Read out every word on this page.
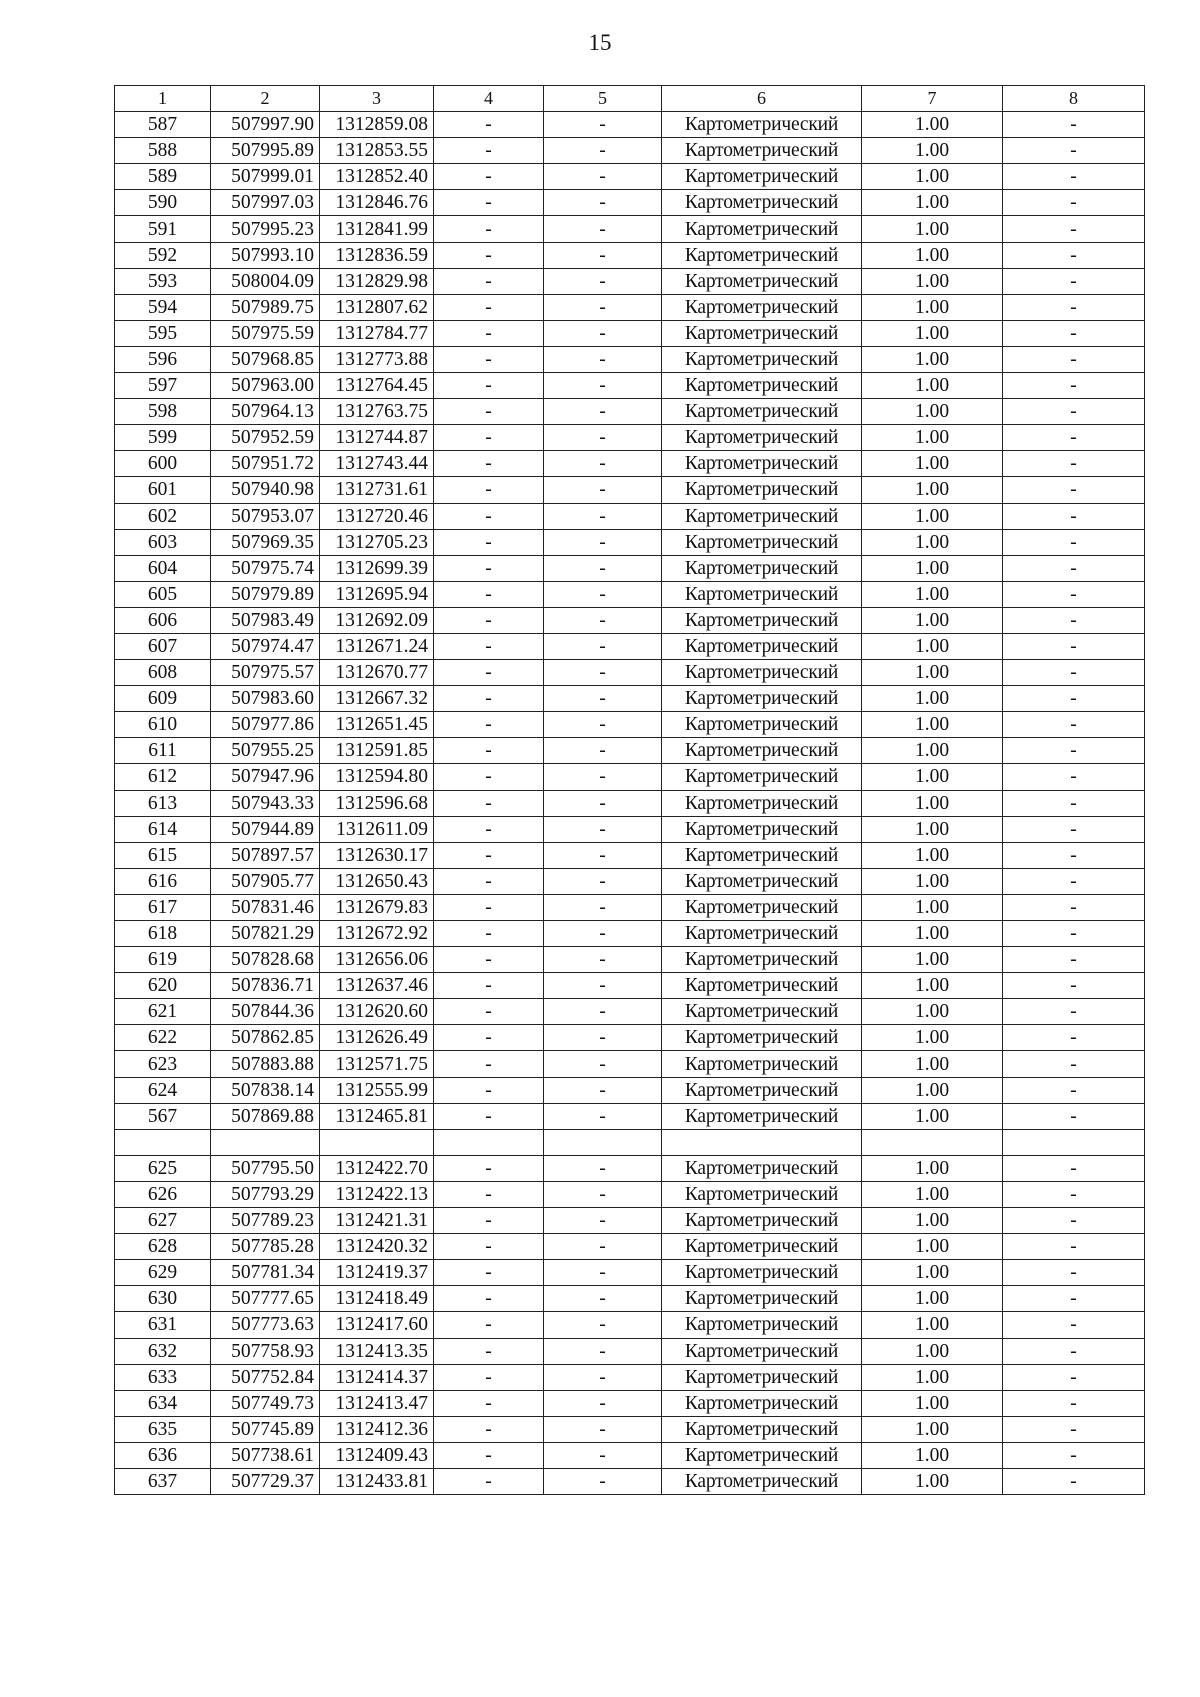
15
1	2	3	4	5	6	7	8
587	507997.90	1312859.08	-	-	Картометрический	1.00	-
588	507995.89	1312853.55	-	-	Картометрический	1.00	-
589	507999.01	1312852.40	-	-	Картометрический	1.00	-
590	507997.03	1312846.76	-	-	Картометрический	1.00	-
591	507995.23	1312841.99	-	-	Картометрический	1.00	-
592	507993.10	1312836.59	-	-	Картометрический	1.00	-
593	508004.09	1312829.98	-	-	Картометрический	1.00	-
594	507989.75	1312807.62	-	-	Картометрический	1.00	-
595	507975.59	1312784.77	-	-	Картометрический	1.00	-
596	507968.85	1312773.88	-	-	Картометрический	1.00	-
597	507963.00	1312764.45	-	-	Картометрический	1.00	-
598	507964.13	1312763.75	-	-	Картометрический	1.00	-
599	507952.59	1312744.87	-	-	Картометрический	1.00	-
600	507951.72	1312743.44	-	-	Картометрический	1.00	-
601	507940.98	1312731.61	-	-	Картометрический	1.00	-
602	507953.07	1312720.46	-	-	Картометрический	1.00	-
603	507969.35	1312705.23	-	-	Картометрический	1.00	-
604	507975.74	1312699.39	-	-	Картометрический	1.00	-
605	507979.89	1312695.94	-	-	Картометрический	1.00	-
606	507983.49	1312692.09	-	-	Картометрический	1.00	-
607	507974.47	1312671.24	-	-	Картометрический	1.00	-
608	507975.57	1312670.77	-	-	Картометрический	1.00	-
609	507983.60	1312667.32	-	-	Картометрический	1.00	-
610	507977.86	1312651.45	-	-	Картометрический	1.00	-
611	507955.25	1312591.85	-	-	Картометрический	1.00	-
612	507947.96	1312594.80	-	-	Картометрический	1.00	-
613	507943.33	1312596.68	-	-	Картометрический	1.00	-
614	507944.89	1312611.09	-	-	Картометрический	1.00	-
615	507897.57	1312630.17	-	-	Картометрический	1.00	-
616	507905.77	1312650.43	-	-	Картометрический	1.00	-
617	507831.46	1312679.83	-	-	Картометрический	1.00	-
618	507821.29	1312672.92	-	-	Картометрический	1.00	-
619	507828.68	1312656.06	-	-	Картометрический	1.00	-
620	507836.71	1312637.46	-	-	Картометрический	1.00	-
621	507844.36	1312620.60	-	-	Картометрический	1.00	-
622	507862.85	1312626.49	-	-	Картометрический	1.00	-
623	507883.88	1312571.75	-	-	Картометрический	1.00	-
624	507838.14	1312555.99	-	-	Картометрический	1.00	-
567	507869.88	1312465.81	-	-	Картометрический	1.00	-

625	507795.50	1312422.70	-	-	Картометрический	1.00	-
626	507793.29	1312422.13	-	-	Картометрический	1.00	-
627	507789.23	1312421.31	-	-	Картометрический	1.00	-
628	507785.28	1312420.32	-	-	Картометрический	1.00	-
629	507781.34	1312419.37	-	-	Картометрический	1.00	-
630	507777.65	1312418.49	-	-	Картометрический	1.00	-
631	507773.63	1312417.60	-	-	Картометрический	1.00	-
632	507758.93	1312413.35	-	-	Картометрический	1.00	-
633	507752.84	1312414.37	-	-	Картометрический	1.00	-
634	507749.73	1312413.47	-	-	Картометрический	1.00	-
635	507745.89	1312412.36	-	-	Картометрический	1.00	-
636	507738.61	1312409.43	-	-	Картометрический	1.00	-
637	507729.37	1312433.81	-	-	Картометрический	1.00	-
